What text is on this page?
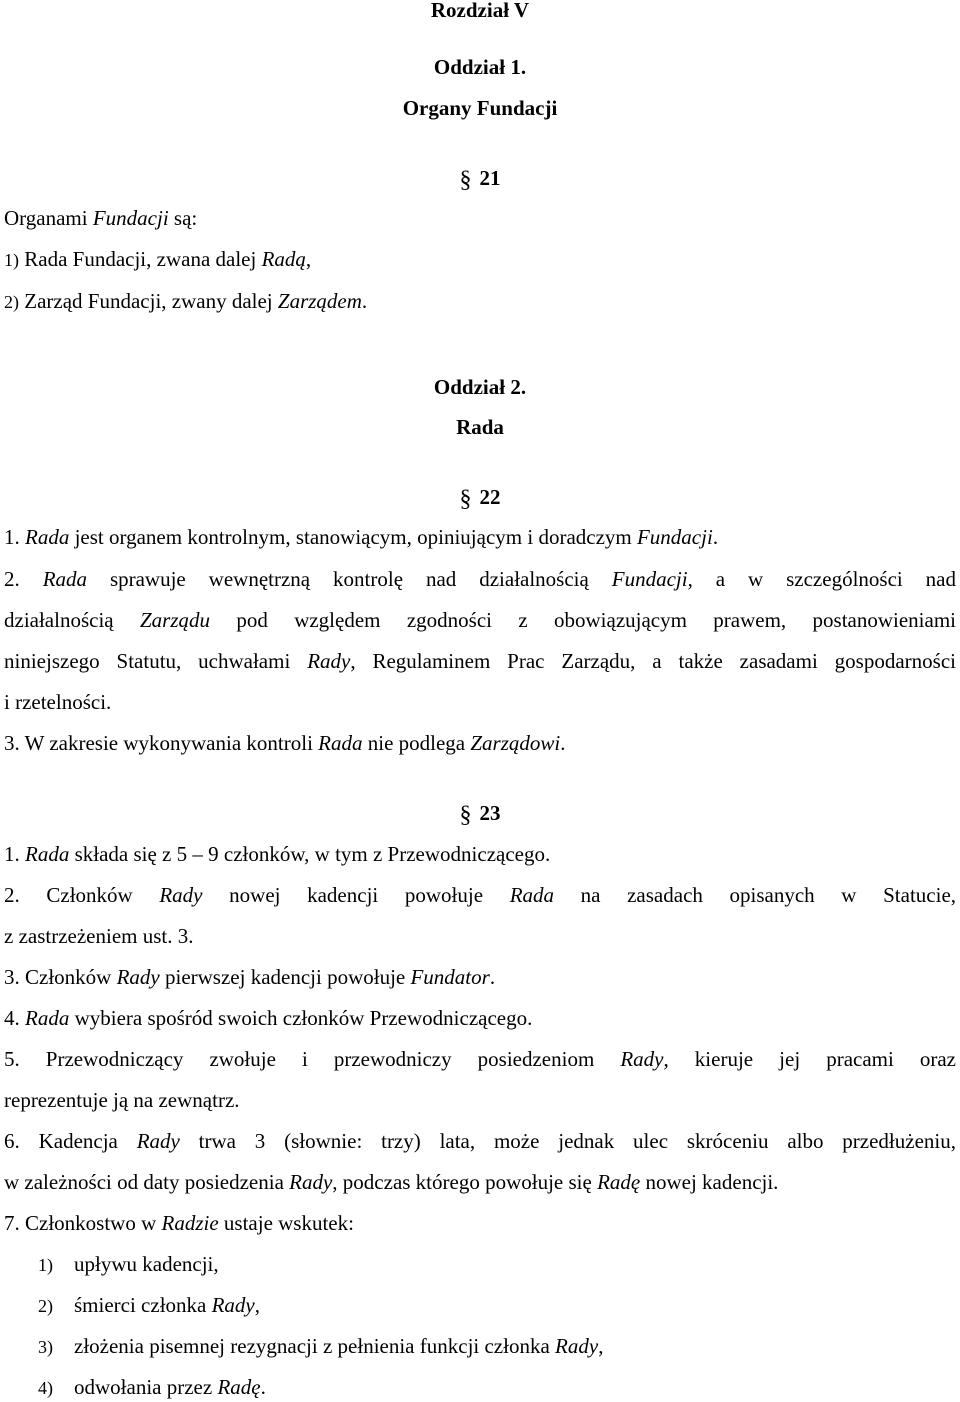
Rozdział V
Oddział 1.
Organy Fundacji
§ 21
Organami Fundacji są:
1) Rada Fundacji, zwana dalej Radą,
2) Zarząd Fundacji, zwany dalej Zarządem.
Oddział 2.
Rada
§ 22
1. Rada jest organem kontrolnym, stanowiącym, opiniującym i doradczym Fundacji.
2. Rada sprawuje wewnętrzną kontrolę nad działalnością Fundacji, a w szczególności nad
działalnością Zarządu pod względem zgodności z obowiązującym prawem, postanowieniami
niniejszego Statutu, uchwałami Rady, Regulaminem Prac Zarządu, a także zasadami gospodarności
i rzetelności.
3. W zakresie wykonywania kontroli Rada nie podlega Zarządowi.
§ 23
1. Rada składa się z 5 – 9 członków, w tym z Przewodniczącego.
2. Członków Rady nowej kadencji powołuje Rada na zasadach opisanych w Statucie,
z zastrzeżeniem ust. 3.
3. Członków Rady pierwszej kadencji powołuje Fundator.
4. Rada wybiera spośród swoich członków Przewodniczącego.
5. Przewodniczący zwołuje i przewodniczy posiedzeniom Rady, kieruje jej pracami oraz
reprezentuje ją na zewnątrz.
6. Kadencja Rady trwa 3 (słownie: trzy) lata, może jednak ulec skróceniu albo przedłużeniu,
w zależności od daty posiedzenia Rady, podczas którego powołuje się Radę nowej kadencji.
7. Członkostwo w Radzie ustaje wskutek:
1) upływu kadencji,
2) śmierci członka Rady,
3) złożenia pisemnej rezygnacji z pełnienia funkcji członka Rady,
4) odwołania przez Radę.
